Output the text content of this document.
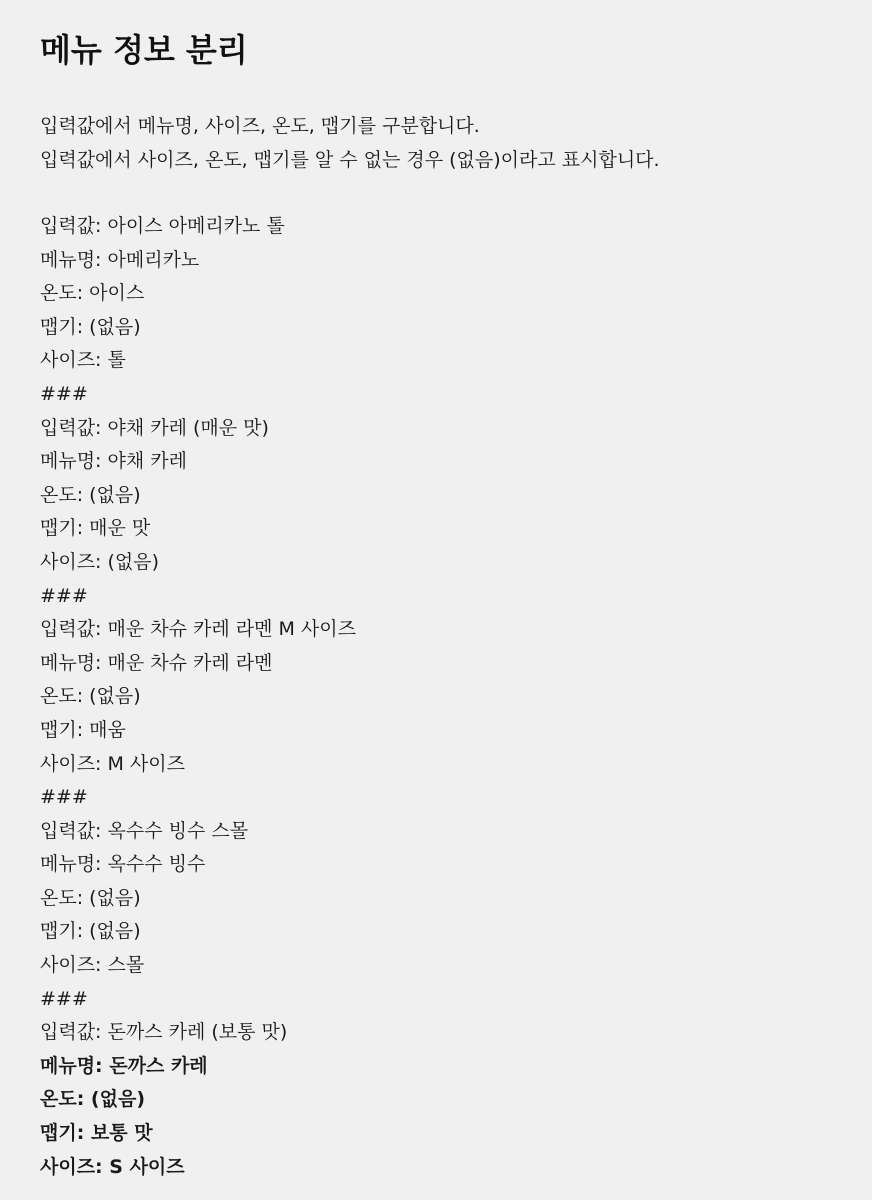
메뉴 정보 분리
입력값에서 메뉴명, 사이즈, 온도, 맵기를 구분합니다.
입력값에서 사이즈, 온도, 맵기를 알 수 없는 경우 (없음)이라고 표시합니다.
입력값: 아이스 아메리카노 톨
메뉴명: 아메리카노
온도: 아이스
맵기: (없음)
사이즈: 톨
###
입력값: 야채 카레 (매운 맛)
메뉴명: 야채 카레
온도: (없음)
맵기: 매운 맛
사이즈: (없음)
###
입력값: 매운 차슈 카레 라멘 M 사이즈
메뉴명: 매운 차슈 카레 라멘
온도: (없음)
맵기: 매움
사이즈: M 사이즈
###
입력값: 옥수수 빙수 스몰
메뉴명: 옥수수 빙수
온도: (없음)
맵기: (없음)
사이즈: 스몰
###
입력값: 돈까스 카레 (보통 맛)
메뉴명: 돈까스 카레
온도: (없음)
맵기: 보통 맛
사이즈: S 사이즈
